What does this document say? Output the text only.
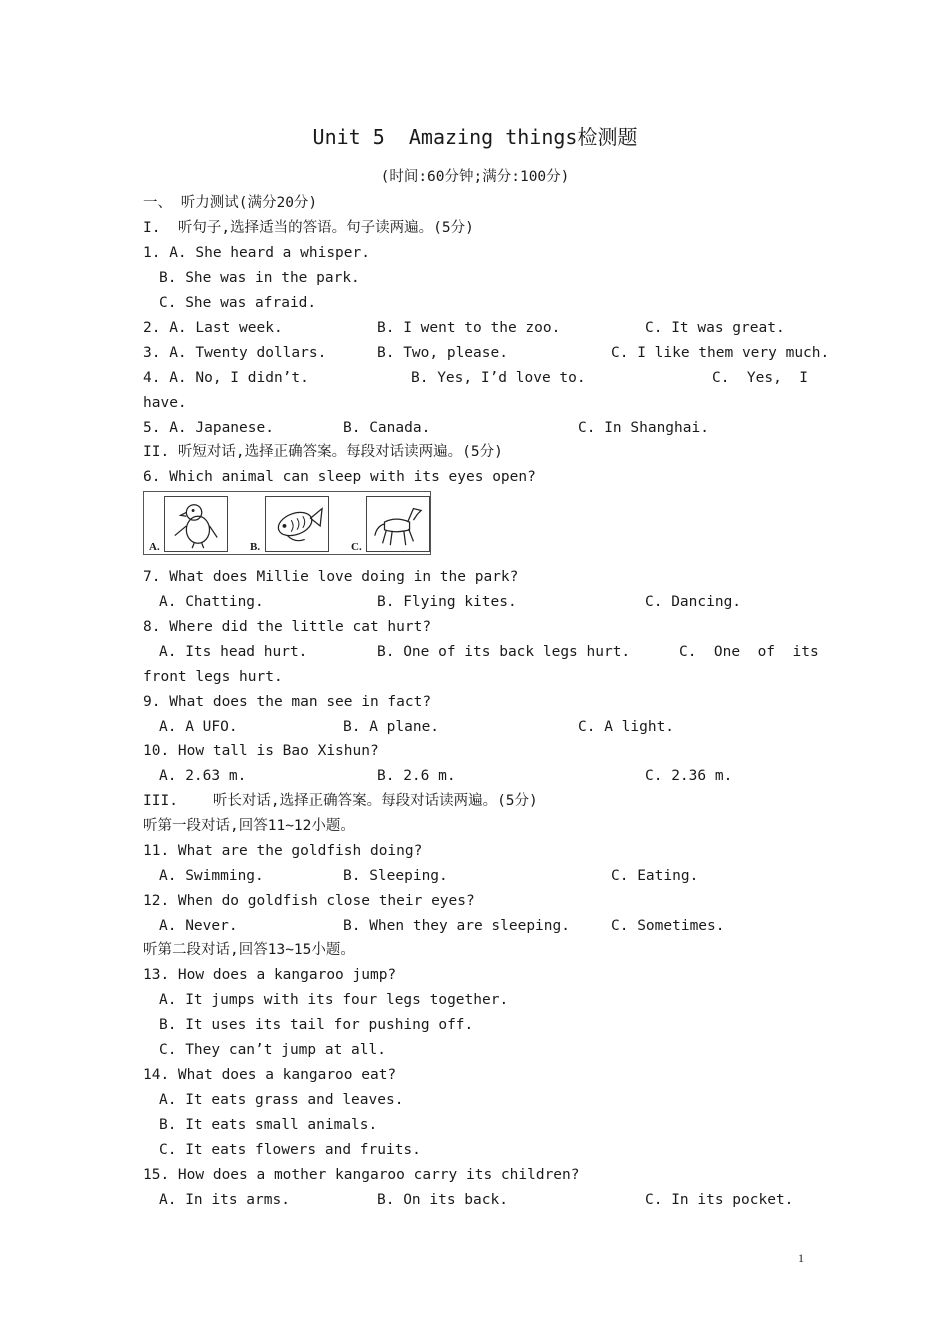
Unit 5  Amazing things检测题
(时间:60分钟;满分:100分)
一、 听力测试(满分20分)
I.  听句子,选择适当的答语。句子读两遍。(5分)
1. A. She heard a whisper.
B. She was in the park.
C. She was afraid.
2. A. Last week.	B. I went to the zoo.	C. It was great.
3. A. Twenty dollars.	B. Two, please.	C. I like them very much.
4. A. No, I didn’t.	B. Yes, I’d love to.	C.  Yes,  I
have.
5. A. Japanese.	B. Canada.	C. In Shanghai.
II. 听短对话,选择正确答案。每段对话读两遍。(5分)
6. Which animal can sleep with its eyes open?
7. What does Millie love doing in the park?
A. Chatting.	B. Flying kites.	C. Dancing.
8. Where did the little cat hurt?
A. Its head hurt.	B. One of its back legs hurt.	C.  One  of  its
front legs hurt.
9. What does the man see in fact?
A. A UFO.	B. A plane.	C. A light.
10. How tall is Bao Xishun?
A. 2.63 m.	B. 2.6 m.	C. 2.36 m.
III.    听长对话,选择正确答案。每段对话读两遍。(5分)
听第一段对话,回答11~12小题。
11. What are the goldfish doing?
A. Swimming.	B. Sleeping.	C. Eating.
12. When do goldfish close their eyes?
A. Never.	B. When they are sleeping.	C. Sometimes.
听第二段对话,回答13~15小题。
13. How does a kangaroo jump?
A. It jumps with its four legs together.
B. It uses its tail for pushing off.
C. They can’t jump at all.
14. What does a kangaroo eat?
A. It eats grass and leaves.
B. It eats small animals.
C. It eats flowers and fruits.
15. How does a mother kangaroo carry its children?
A. In its arms.	B. On its back.	C. In its pocket.
A.	B.	C.
1
